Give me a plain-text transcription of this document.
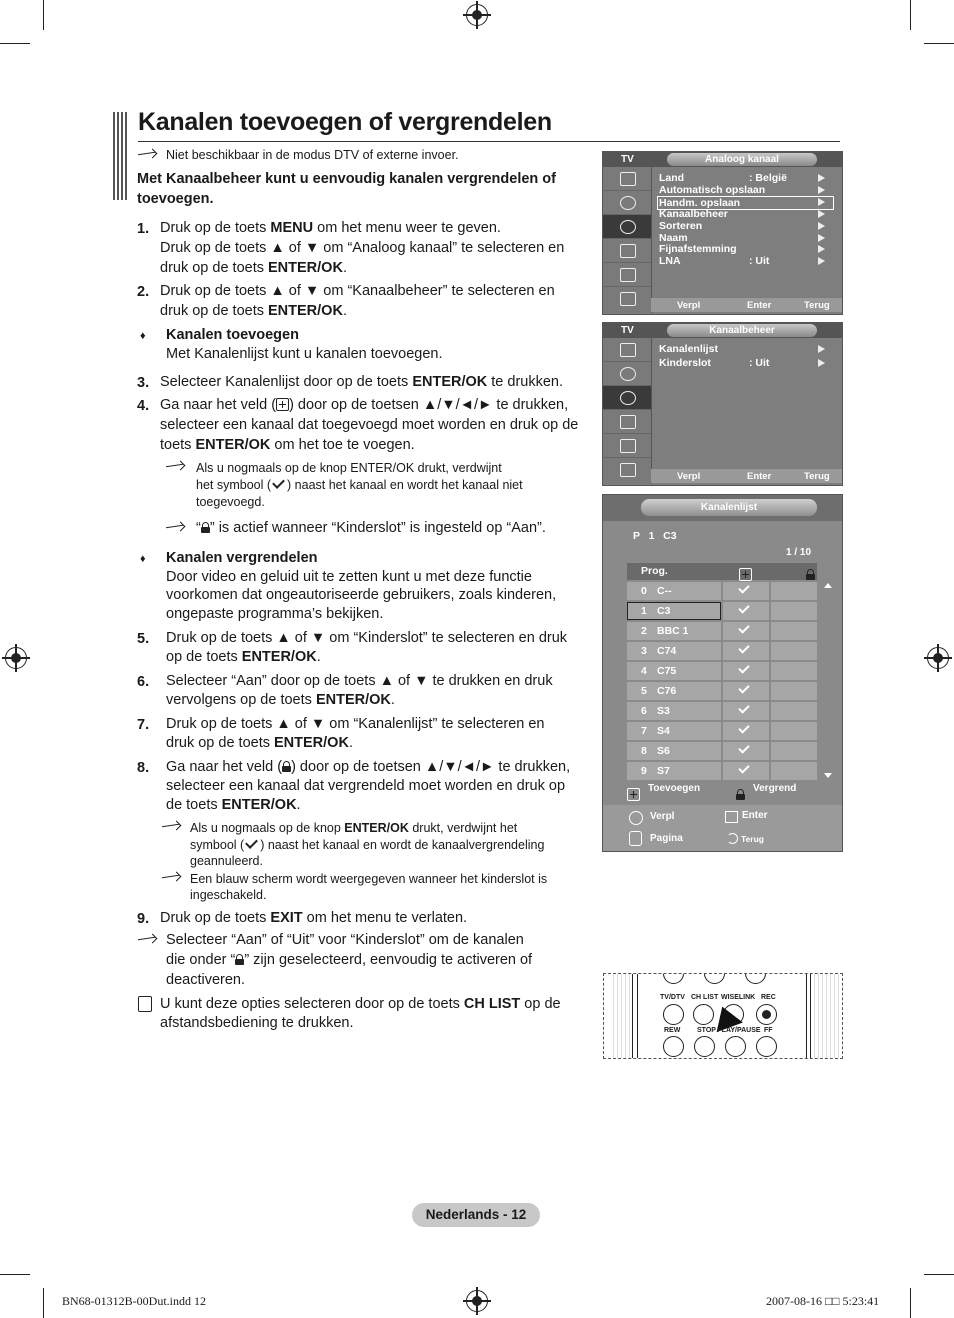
Kanalen toevoegen of vergrendelen
Niet beschikbaar in de modus DTV of externe invoer.
Met Kanaalbeheer kunt u eenvoudig kanalen vergrendelen of toevoegen.
1. Druk op de toets MENU om het menu weer te geven.
Druk op de toets ▲ of ▼ om “Analoog kanaal” te selecteren en
druk op de toets ENTER/OK.
2. Druk op de toets ▲ of ▼ om “Kanaalbeheer” te selecteren en
druk op de toets ENTER/OK.
♦ Kanalen toevoegen
Met Kanalenlijst kunt u kanalen toevoegen.
3. Selecteer Kanalenlijst door op de toets ENTER/OK te drukken.
4. Ga naar het veld ( ) door op de toetsen ▲/▼/◄/► te drukken,
selecteer een kanaal dat toegevoegd moet worden en druk op de
toets ENTER/OK om het toe te voegen.
Als u nogmaals op de knop ENTER/OK drukt, verdwijnt
het symbool ( ) naast het kanaal en wordt het kanaal niet
toegevoegd.
“ ” is actief wanneer “Kinderslot” is ingesteld op “Aan”.
♦ Kanalen vergrendelen
Door video en geluid uit te zetten kunt u met deze functie
voorkomen dat ongeautoriseerde gebruikers, zoals kinderen,
ongepaste programma’s bekijken.
5. Druk op de toets ▲ of ▼ om “Kinderslot” te selecteren en druk
op de toets ENTER/OK.
6. Selecteer “Aan” door op de toets ▲ of ▼ te drukken en druk
vervolgens op de toets ENTER/OK.
7. Druk op de toets ▲ of ▼ om “Kanalenlijst” te selecteren en
druk op de toets ENTER/OK.
8. Ga naar het veld ( ) door op de toetsen ▲/▼/◄/► te drukken,
selecteer een kanaal dat vergrendeld moet worden en druk op
de toets ENTER/OK.
Als u nogmaals op de knop ENTER/OK drukt, verdwijnt het
symbool ( ) naast het kanaal en wordt de kanaalvergrendeling
geannuleerd.
Een blauw scherm wordt weergegeven wanneer het kinderslot is
ingeschakeld.
9. Druk op de toets EXIT om het menu te verlaten.
Selecteer “Aan” of “Uit” voor “Kinderslot” om de kanalen
die onder “ ” zijn geselecteerd, eenvoudig te activeren of
deactiveren.
U kunt deze opties selecteren door op de toets CH LIST op de
afstandsbediening te drukken.
TV	Analoog kanaal
Land	: België
Automatisch opslaan
Handm. opslaan
Kanaalbeheer
Sorteren
Naam
Fijnafstemming
LNA	: Uit
Verpl	Enter	Terug
TV	Kanaalbeheer
Kanalenlijst
Kinderslot	: Uit
Verpl	Enter	Terug
Kanalenlijst
P   1   C3
1 / 10
Prog.

0 C--
1 C3
2 BBC 1
3 C74
4 C75
5 C76
6 S3
7 S4
8 S6
9 S7

Toevoegen	Vergrend
Verpl	Enter
Pagina	Terug
TV/DTV CH LIST WISELINK REC
REW STOP PLAY/PAUSE FF
Nederlands - 12
BN68-01312B-00Dut.indd 12	2007-08-16 □□ 5:23:41
